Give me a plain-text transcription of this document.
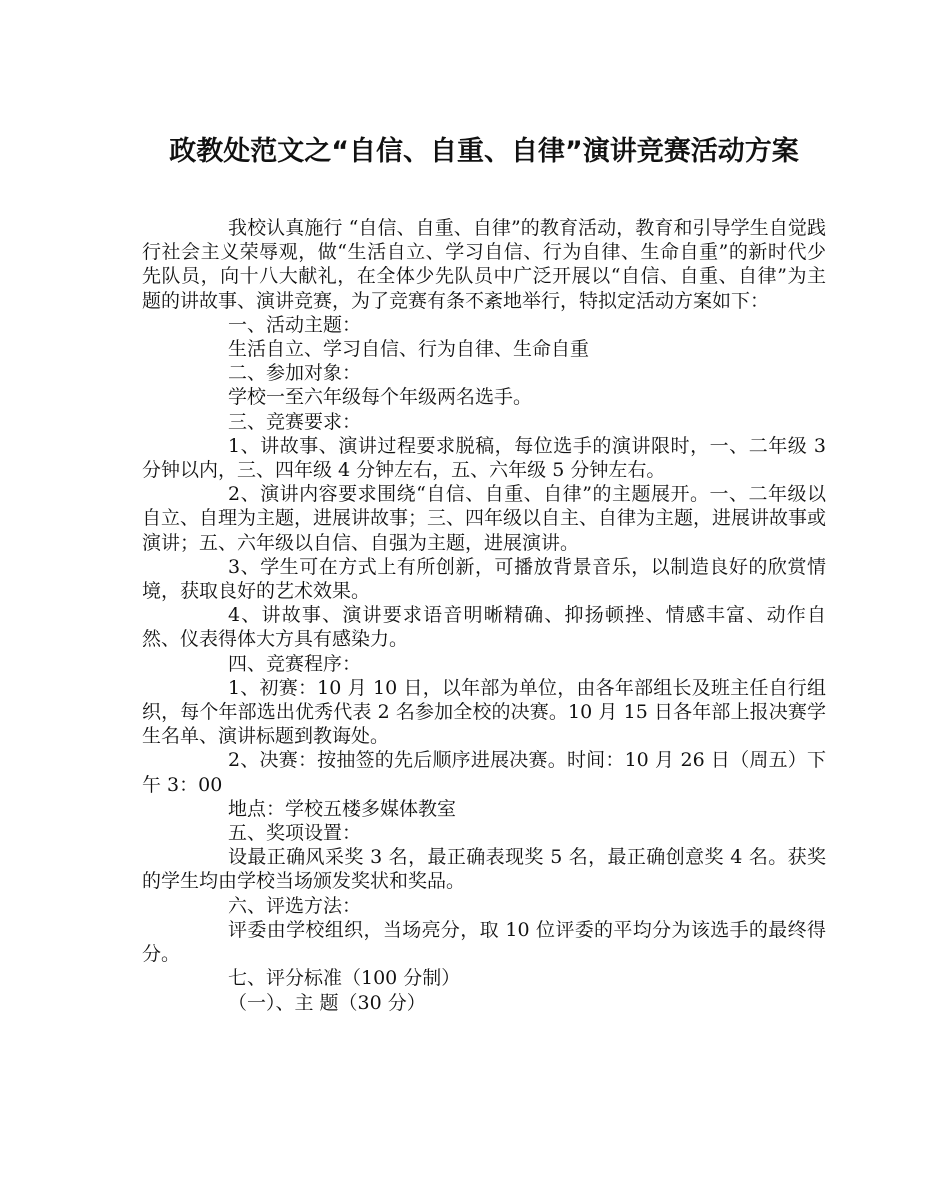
政教处范文之“自信、自重、自律”演讲竞赛活动方案

我校认真施行 “自信、自重、自律”的教育活动，教育和引导学生自觉践行社会主义荣辱观，做“生活自立、学习自信、行为自律、生命自重”的新时代少先队员，向十八大献礼，在全体少先队员中广泛开展以“自信、自重、自律”为主题的讲故事、演讲竞赛，为了竞赛有条不紊地举行，特拟定活动方案如下：

一、活动主题：

生活自立、学习自信、行为自律、生命自重

二、参加对象：

学校一至六年级每个年级两名选手。

三、竞赛要求：

1、讲故事、演讲过程要求脱稿，每位选手的演讲限时，一、二年级 3 分钟以内，三、四年级 4 分钟左右，五、六年级 5 分钟左右。

2、演讲内容要求围绕“自信、自重、自律”的主题展开。一、二年级以自立、自理为主题，进展讲故事；三、四年级以自主、自律为主题，进展讲故事或演讲；五、六年级以自信、自强为主题，进展演讲。

3、学生可在方式上有所创新，可播放背景音乐，以制造良好的欣赏情境，获取良好的艺术效果。

4、讲故事、演讲要求语音明晰精确、抑扬顿挫、情感丰富、动作自然、仪表得体大方具有感染力。

四、竞赛程序：

1、初赛：10 月 10 日，以年部为单位，由各年部组长及班主任自行组织，每个年部选出优秀代表 2 名参加全校的决赛。10 月 15 日各年部上报决赛学生名单、演讲标题到教诲处。

2、决赛：按抽签的先后顺序进展决赛。时间：10 月 26 日（周五）下午 3：00

地点：学校五楼多媒体教室

五、奖项设置：

设最正确风采奖 3 名，最正确表现奖 5 名，最正确创意奖 4 名。获奖的学生均由学校当场颁发奖状和奖品。

六、评选方法：

评委由学校组织，当场亮分，取 10 位评委的平均分为该选手的最终得分。

七、评分标准（100 分制）

（一）、主 题（30 分）
